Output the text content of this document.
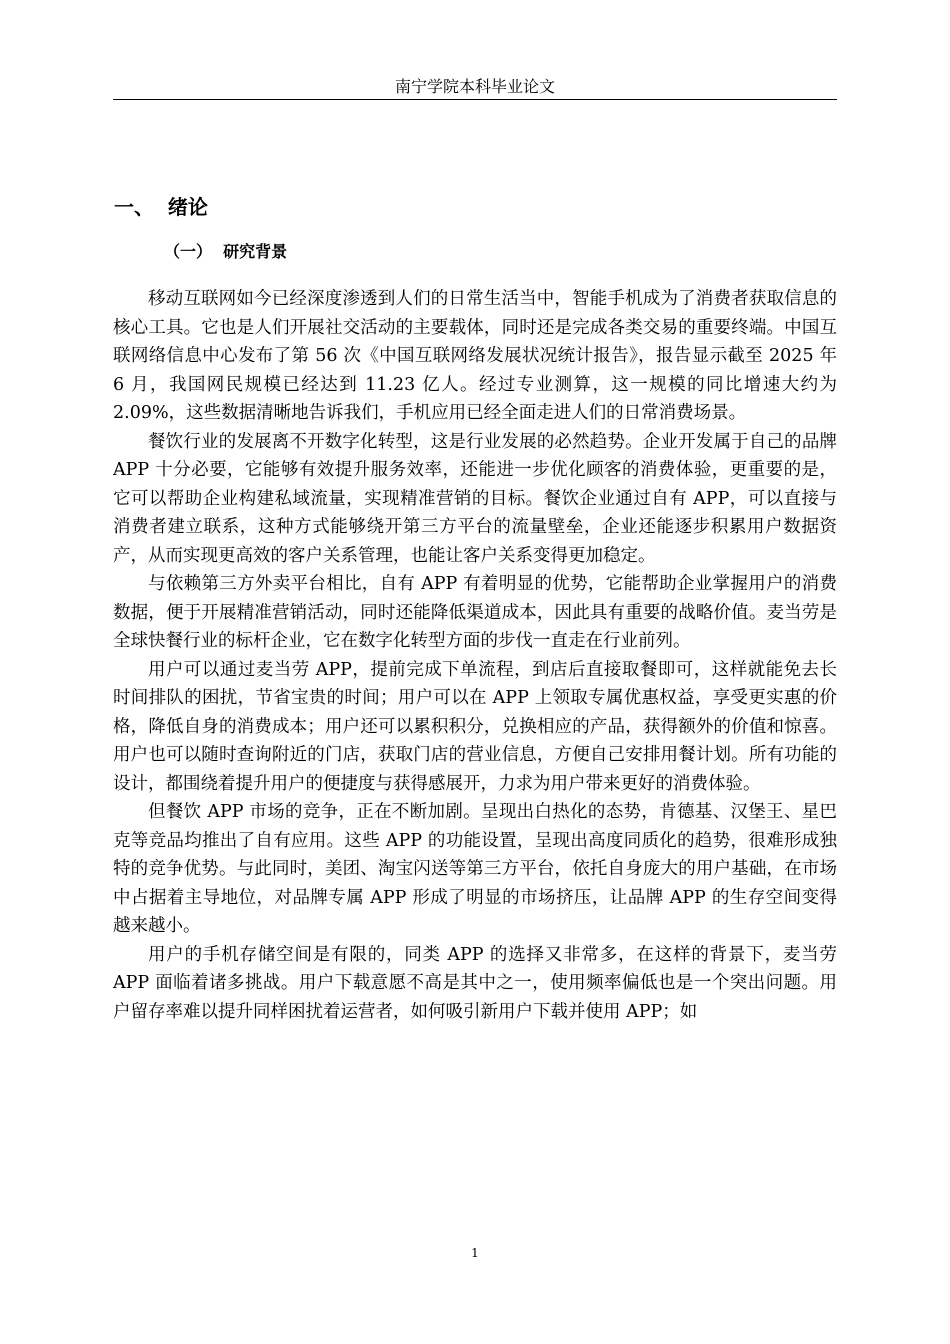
南宁学院本科毕业论文
一、  绪论
（一）  研究背景

移动互联网如今已经深度渗透到人们的日常生活当中，智能手机成为了消费者获取信息的核心工具。它也是人们开展社交活动的主要载体，同时还是完成各类交易的重要终端。中国互联网络信息中心发布了第 56 次《中国互联网络发展状况统计报告》，报告显示截至 2025 年 6 月，我国网民规模已经达到 11.23 亿人。经过专业测算，这一规模的同比增速大约为 2.09%，这些数据清晰地告诉我们，手机应用已经全面走进人们的日常消费场景。

餐饮行业的发展离不开数字化转型，这是行业发展的必然趋势。企业开发属于自己的品牌 APP 十分必要，它能够有效提升服务效率，还能进一步优化顾客的消费体验，更重要的是，它可以帮助企业构建私域流量，实现精准营销的目标。餐饮企业通过自有 APP，可以直接与消费者建立联系，这种方式能够绕开第三方平台的流量壁垒，企业还能逐步积累用户数据资产，从而实现更高效的客户关系管理，也能让客户关系变得更加稳定。

与依赖第三方外卖平台相比，自有 APP 有着明显的优势，它能帮助企业掌握用户的消费数据，便于开展精准营销活动，同时还能降低渠道成本，因此具有重要的战略价值。麦当劳是全球快餐行业的标杆企业，它在数字化转型方面的步伐一直走在行业前列。

用户可以通过麦当劳 APP，提前完成下单流程，到店后直接取餐即可，这样就能免去长时间排队的困扰，节省宝贵的时间；用户可以在 APP 上领取专属优惠权益，享受更实惠的价格，降低自身的消费成本；用户还可以累积积分，兑换相应的产品，获得额外的价值和惊喜。用户也可以随时查询附近的门店，获取门店的营业信息，方便自己安排用餐计划。所有功能的设计，都围绕着提升用户的便捷度与获得感展开，力求为用户带来更好的消费体验。

但餐饮 APP 市场的竞争，正在不断加剧。呈现出白热化的态势，肯德基、汉堡王、星巴克等竞品均推出了自有应用。这些 APP 的功能设置，呈现出高度同质化的趋势，很难形成独特的竞争优势。与此同时，美团、淘宝闪送等第三方平台，依托自身庞大的用户基础，在市场中占据着主导地位，对品牌专属 APP 形成了明显的市场挤压，让品牌 APP 的生存空间变得越来越小。

用户的手机存储空间是有限的，同类 APP 的选择又非常多，在这样的背景下，麦当劳 APP 面临着诸多挑战。用户下载意愿不高是其中之一，使用频率偏低也是一个突出问题。用户留存率难以提升同样困扰着运营者，如何吸引新用户下载并使用 APP；如

1
